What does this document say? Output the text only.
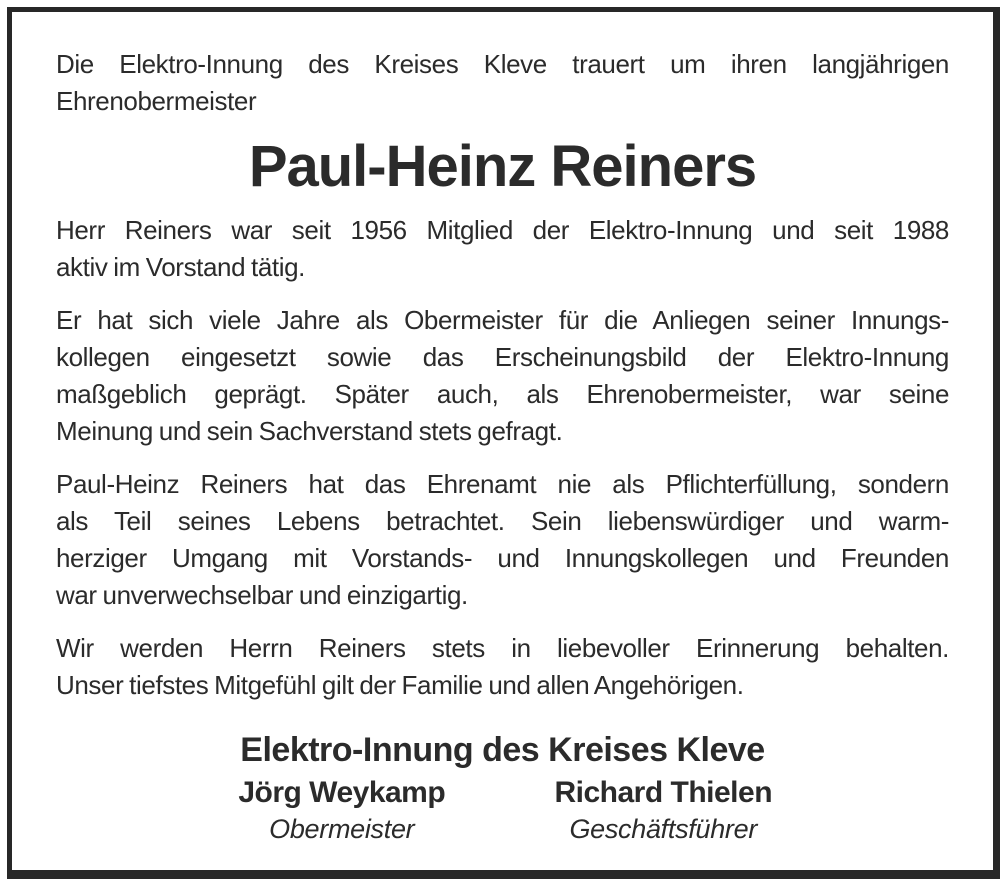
Die Elektro-Innung des Kreises Kleve trauert um ihren langjährigen
Ehrenobermeister

Paul-Heinz Reiners

Herr Reiners war seit 1956 Mitglied der Elektro-Innung und seit 1988
aktiv im Vorstand tätig.

Er hat sich viele Jahre als Obermeister für die Anliegen seiner Innungs-
kollegen eingesetzt sowie das Erscheinungsbild der Elektro-Innung
maßgeblich geprägt. Später auch, als Ehrenobermeister, war seine
Meinung und sein Sachverstand stets gefragt.

Paul-Heinz Reiners hat das Ehrenamt nie als Pflichterfüllung, sondern
als Teil seines Lebens betrachtet. Sein liebenswürdiger und warm-
herziger Umgang mit Vorstands- und Innungskollegen und Freunden
war unverwechselbar und einzigartig.

Wir werden Herrn Reiners stets in liebevoller Erinnerung behalten.
Unser tiefstes Mitgefühl gilt der Familie und allen Angehörigen.

Elektro-Innung des Kreises Kleve
Jörg Weykamp
Obermeister
Richard Thielen
Geschäftsführer
